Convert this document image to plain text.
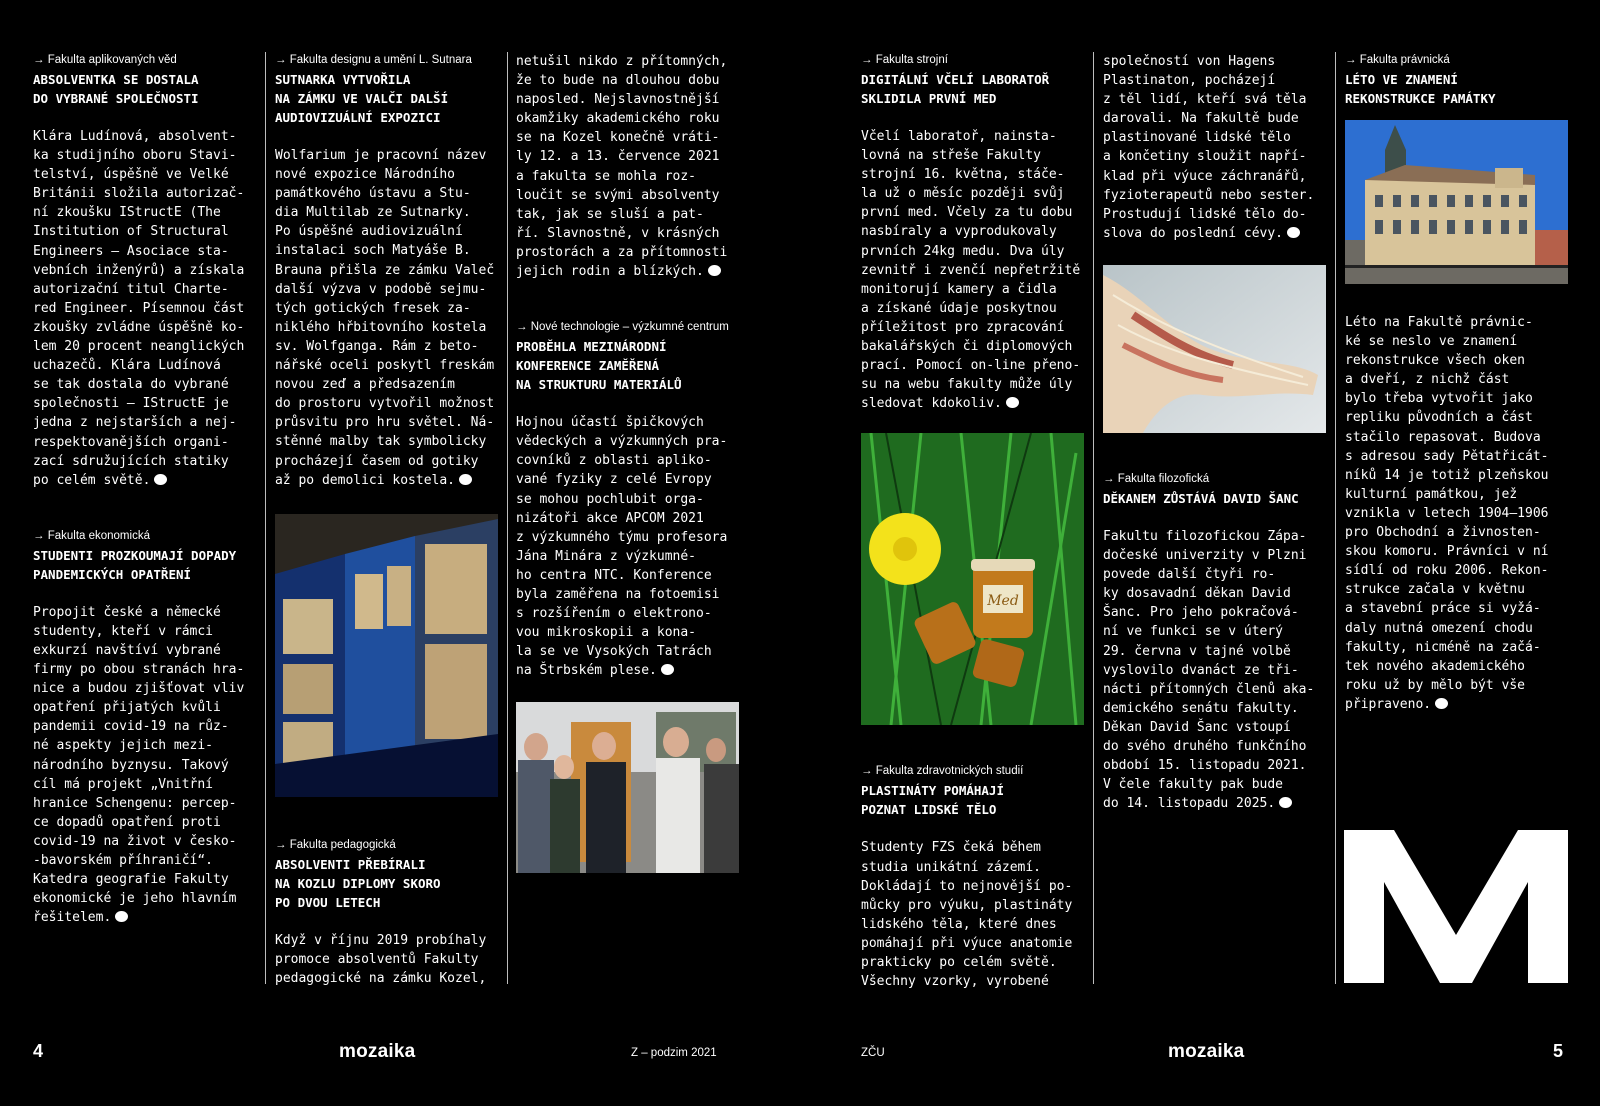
→ Fakulta aplikovaných věd

ABSOLVENTKA SE DOSTALA
DO VYBRANÉ SPOLEČNOSTI

Klára Ludínová, absolvent-
ka studijního oboru Stavi-
telství, úspěšně ve Velké
Británii složila autorizač-
ní zkoušku IStructE (The
Institution of Structural
Engineers – Asociace sta-
vebních inženýrů) a získala
autorizační titul Charte-
red Engineer. Písemnou část
zkoušky zvládne úspěšně ko-
lem 20 procent neanglických
uchazečů. Klára Ludínová
se tak dostala do vybrané
společnosti – IStructE je
jedna z nejstarších a nej-
respektovanějších organi-
zací sdružujících statiky
po celém světě.

→ Fakulta ekonomická

STUDENTI PROZKOUMAJÍ DOPADY
PANDEMICKÝCH OPATŘENÍ

Propojit české a německé
studenty, kteří v rámci
exkurzí navštíví vybrané
firmy po obou stranách hra-
nice a budou zjišťovat vliv
opatření přijatých kvůli
pandemii covid-19 na růz-
né aspekty jejich mezi-
národního byznysu. Takový
cíl má projekt „Vnitřní
hranice Schengenu: percep-
ce dopadů opatření proti
covid-19 na život v česko-
-bavorském příhraničí“.
Katedra geografie Fakulty
ekonomické je jeho hlavním
řešitelem.

→ Fakulta designu a umění L. Sutnara

SUTNARKA VYTVOŘILA
NA ZÁMKU VE VALČI DALŠÍ
AUDIOVIZUÁLNÍ EXPOZICI

Wolfarium je pracovní název
nové expozice Národního
památkového ústavu a Stu-
dia Multilab ze Sutnarky.
Po úspěšné audiovizuální
instalaci soch Matyáše B.
Brauna přišla ze zámku Valeč
další výzva v podobě sejmu-
tých gotických fresek za-
niklého hřbitovního kostela
sv. Wolfganga. Rám z beto-
nářské oceli poskytl freskám
novou zeď a předsazením
do prostoru vytvořil možnost
průsvitu pro hru světel. Ná-
stěnné malby tak symbolicky
procházejí časem od gotiky
až po demolici kostela.

→ Fakulta pedagogická

ABSOLVENTI PŘEBÍRALI
NA KOZLU DIPLOMY SKORO
PO DVOU LETECH

Když v říjnu 2019 probíhaly
promoce absolventů Fakulty
pedagogické na zámku Kozel,

netušil nikdo z přítomných,
že to bude na dlouhou dobu
naposled. Nejslavnostnější
okamžiky akademického roku
se na Kozel konečně vráti-
ly 12. a 13. července 2021
a fakulta se mohla roz-
loučit se svými absolventy
tak, jak se sluší a pat-
ří. Slavnostně, v krásných
prostorách a za přítomnosti
jejich rodin a blízkých.

→ Nové technologie – výzkumné centrum

PROBĚHLA MEZINÁRODNÍ
KONFERENCE ZAMĚŘENÁ
NA STRUKTURU MATERIÁLŮ

Hojnou účastí špičkových
vědeckých a výzkumných pra-
covníků z oblasti apliko-
vané fyziky z celé Evropy
se mohou pochlubit orga-
nizátoři akce APCOM 2021
z výzkumného týmu profesora
Jána Minára z výzkumné-
ho centra NTC. Konference
byla zaměřena na fotoemisi
s rozšířením o elektrono-
vou mikroskopii a kona-
la se ve Vysokých Tatrách
na Štrbském plese.

4	mozaika	Z – podzim 2021

→ Fakulta strojní

DIGITÁLNÍ VČELÍ LABORATOŘ
SKLIDILA PRVNÍ MED

Včelí laboratoř, nainsta-
lovná na střeše Fakulty
strojní 16. května, stáče-
la už o měsíc později svůj
první med. Včely za tu dobu
nasbíraly a vyprodukovaly
prvních 24kg medu. Dva úly
zevnitř i zvenčí nepřetržitě
monitorují kamery a čidla
a získané údaje poskytnou
příležitost pro zpracování
bakalářských či diplomových
prací. Pomocí on-line přeno-
su na webu fakulty může úly
sledovat kdokoliv.

Med

→ Fakulta zdravotnických studií

PLASTINÁTY POMÁHAJÍ
POZNAT LIDSKÉ TĚLO

Studenty FZS čeká během
studia unikátní zázemí.
Dokládají to nejnovější po-
můcky pro výuku, plastináty
lidského těla, které dnes
pomáhají při výuce anatomie
prakticky po celém světě.
Všechny vzorky, vyrobené

společností von Hagens
Plastinaton, pocházejí
z těl lidí, kteří svá těla
darovali. Na fakultě bude
plastinované lidské tělo
a končetiny sloužit napří-
klad při výuce záchranářů,
fyzioterapeutů nebo sester.
Prostudují lidské tělo do-
slova do poslední cévy.

→ Fakulta filozofická

DĚKANEM ZŮSTÁVÁ DAVID ŠANC

Fakultu filozofickou Zápa-
dočeské univerzity v Plzni
povede další čtyři ro-
ky dosavadní děkan David
Šanc. Pro jeho pokračová-
ní ve funkci se v úterý
29. června v tajné volbě
vyslovilo dvanáct ze tři-
nácti přítomných členů aka-
demického senátu fakulty.
Děkan David Šanc vstoupí
do svého druhého funkčního
období 15. listopadu 2021.
V čele fakulty pak bude
do 14. listopadu 2025.

→ Fakulta právnická

LÉTO VE ZNAMENÍ
REKONSTRUKCE PAMÁTKY

Léto na Fakultě právnic-
ké se neslo ve znamení
rekonstrukce všech oken
a dveří, z nichž část
bylo třeba vytvořit jako
repliku původních a část
stačilo repasovat. Budova
s adresou sady Pětatřicát-
níků 14 je totiž plzeňskou
kulturní památkou, jež
vznikla v letech 1904–1906
pro Obchodní a živnosten-
skou komoru. Právníci v ní
sídlí od roku 2006. Rekon-
strukce začala v květnu
a stavební práce si vyžá-
daly nutná omezení chodu
fakulty, nicméně na začá-
tek nového akademického
roku už by mělo být vše
připraveno.

ZČU	mozaika	5
